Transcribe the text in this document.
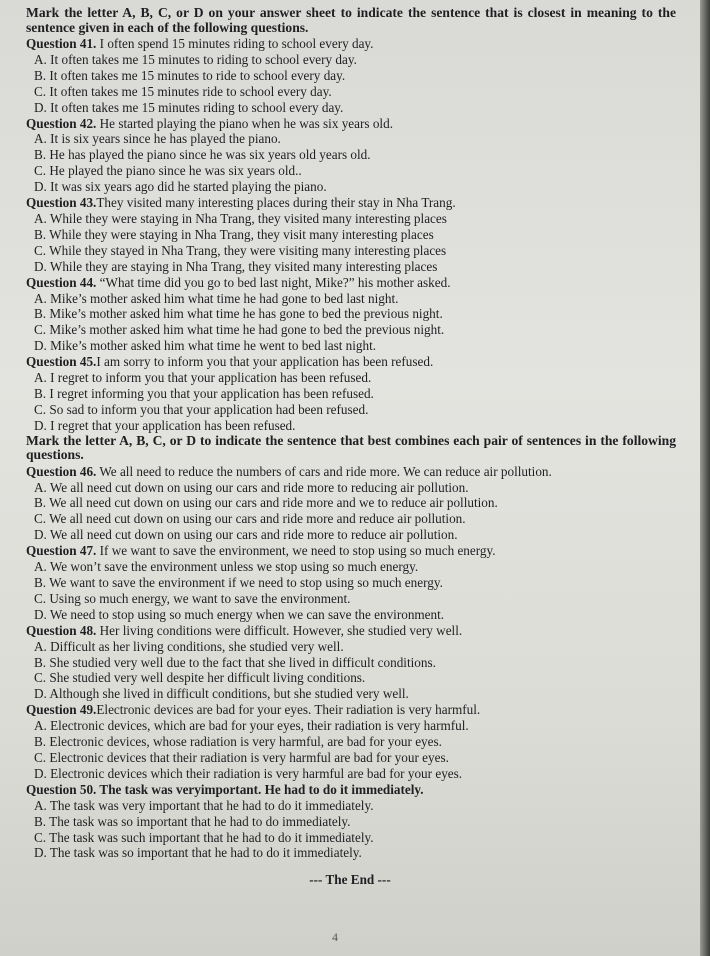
Mark the letter A, B, C, or D on your answer sheet to indicate the sentence that is closest in meaning to the sentence given in each of the following questions.
Question 41. I often spend 15 minutes riding to school every day.
A. It often takes me 15 minutes to riding to school every day.
B. It often takes me 15 minutes to ride to school every day.
C. It often takes me 15 minutes ride to school every day.
D. It often takes me 15 minutes riding to school every day.
Question 42. He started playing the piano when he was six years old.
A. It is six years since he has played the piano.
B. He has played the piano since he was six years old years old.
C. He played the piano since he was six years old..
D. It was six years ago did he started playing the piano.
Question 43.They visited many interesting places during their stay in Nha Trang.
A. While they were staying in Nha Trang, they visited many interesting places
B. While they were staying in Nha Trang, they visit many interesting places
C. While they stayed in Nha Trang, they were visiting many interesting places
D. While they are staying in Nha Trang, they visited many interesting places
Question 44. “What time did you go to bed last night, Mike?” his mother asked.
A. Mike’s mother asked him what time he had gone to bed last night.
B. Mike’s mother asked him what time he has gone to bed the previous night.
C. Mike’s mother asked him what time he had gone to bed the previous night.
D. Mike’s mother asked him what time he went to bed last night.
Question 45.I am sorry to inform you that your application has been refused.
A. I regret to inform you that your application has been refused.
B. I regret informing you that your application has been refused.
C. So sad to inform you that your application had been refused.
D. I regret that your application has been refused.
Mark the letter A, B, C, or D to indicate the sentence that best combines each pair of sentences in the following questions.
Question 46. We all need to reduce the numbers of cars and ride more. We can reduce air pollution.
A. We all need cut down on using our cars and ride more to reducing air pollution.
B. We all need cut down on using our cars and ride more and we to reduce air pollution.
C. We all need cut down on using our cars and ride more and reduce air pollution.
D. We all need cut down on using our cars and ride more to reduce air pollution.
Question 47. If we want to save the environment, we need to stop using so much energy.
A. We won’t save the environment unless we stop using so much energy.
B. We want to save the environment if we need to stop using so much energy.
C. Using so much energy, we want to save the environment.
D. We need to stop using so much energy when we can save the environment.
Question 48. Her living conditions were difficult. However, she studied very well.
A. Difficult as her living conditions, she studied very well.
B. She studied very well due to the fact that she lived in difficult conditions.
C. She studied very well despite her difficult living conditions.
D. Although she lived in difficult conditions, but she studied very well.
Question 49.Electronic devices are bad for your eyes. Their radiation is very harmful.
A. Electronic devices, which are bad for your eyes, their radiation is very harmful.
B. Electronic devices, whose radiation is very harmful, are bad for your eyes.
C. Electronic devices that their radiation is very harmful are bad for your eyes.
D. Electronic devices which their radiation is very harmful are bad for your eyes.
Question 50. The task was veryimportant. He had to do it immediately.
A. The task was very important that he had to do it immediately.
B. The task was so important that he had to do immediately.
C. The task was such important that he had to do it immediately.
D. The task was so important that he had to do it immediately.
--- The End ---
4
